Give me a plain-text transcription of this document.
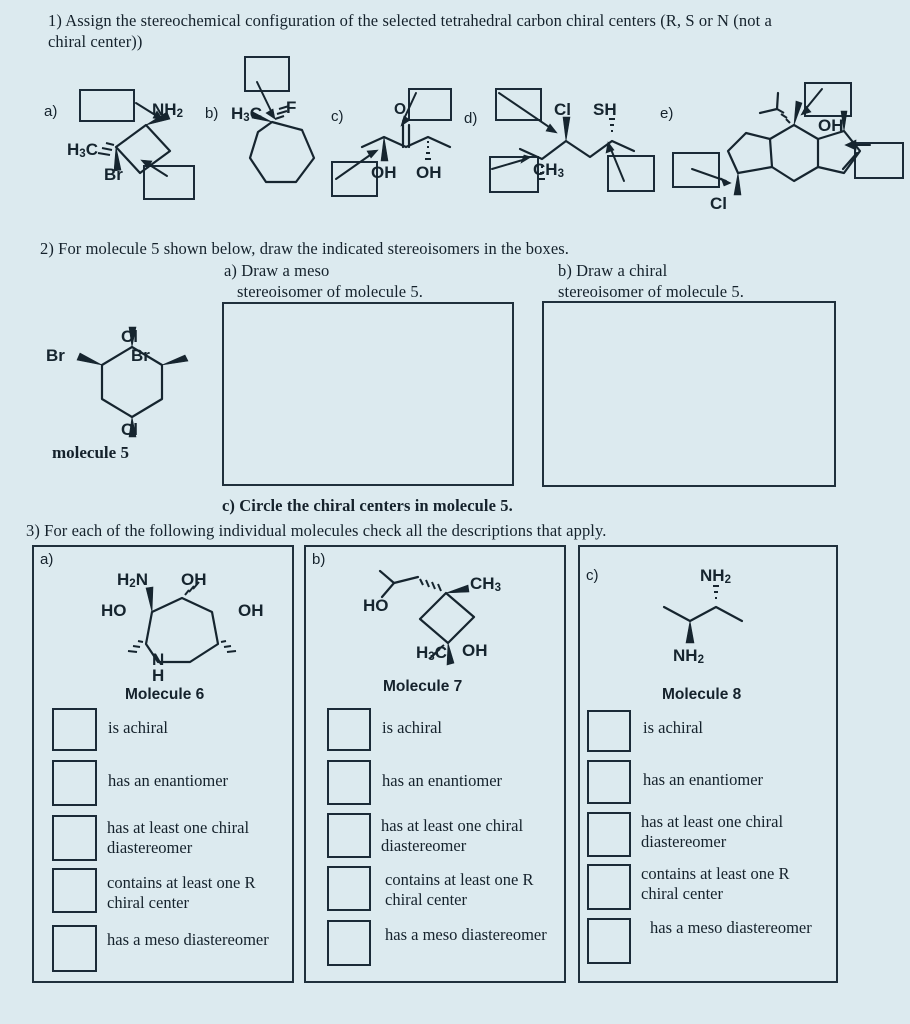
1) Assign the stereochemical configuration of the selected tetrahedral carbon chiral centers (R, S or N (not a
chiral center))
a)	$NH_2$
$H_3C$
Br
b) $H_3C$ F c)	O
OH OH
d)	Cl SH
$CH_3$
e)
OH
Cl
2) For molecule 5 shown below, draw the indicated stereoisomers in the boxes.
a) Draw a meso
stereoisomer of molecule 5.
b) Draw a chiral
stereoisomer of molecule 5.
Cl
Br	Br
Cl
molecule 5
c) Circle the chiral centers in molecule 5.
3) For each of the following individual molecules check all the descriptions that apply.
a)
$H_2N$ OH
HO	OH
N
H
Molecule 6
is achiral
has an enantiomer
has at least one chiral diastereomer
contains at least one R chiral center
has a meso diastereomer
b)
HO
$CH_3$
$H_3C$ OH
Molecule 7
is achiral
has an enantiomer
has at least one chiral diastereomer
contains at least one R chiral center
has a meso diastereomer
c)	$NH_2$
$NH_2$
Molecule 8
is achiral
has an enantiomer
has at least one chiral diastereomer
contains at least one R chiral center
has a meso diastereomer
